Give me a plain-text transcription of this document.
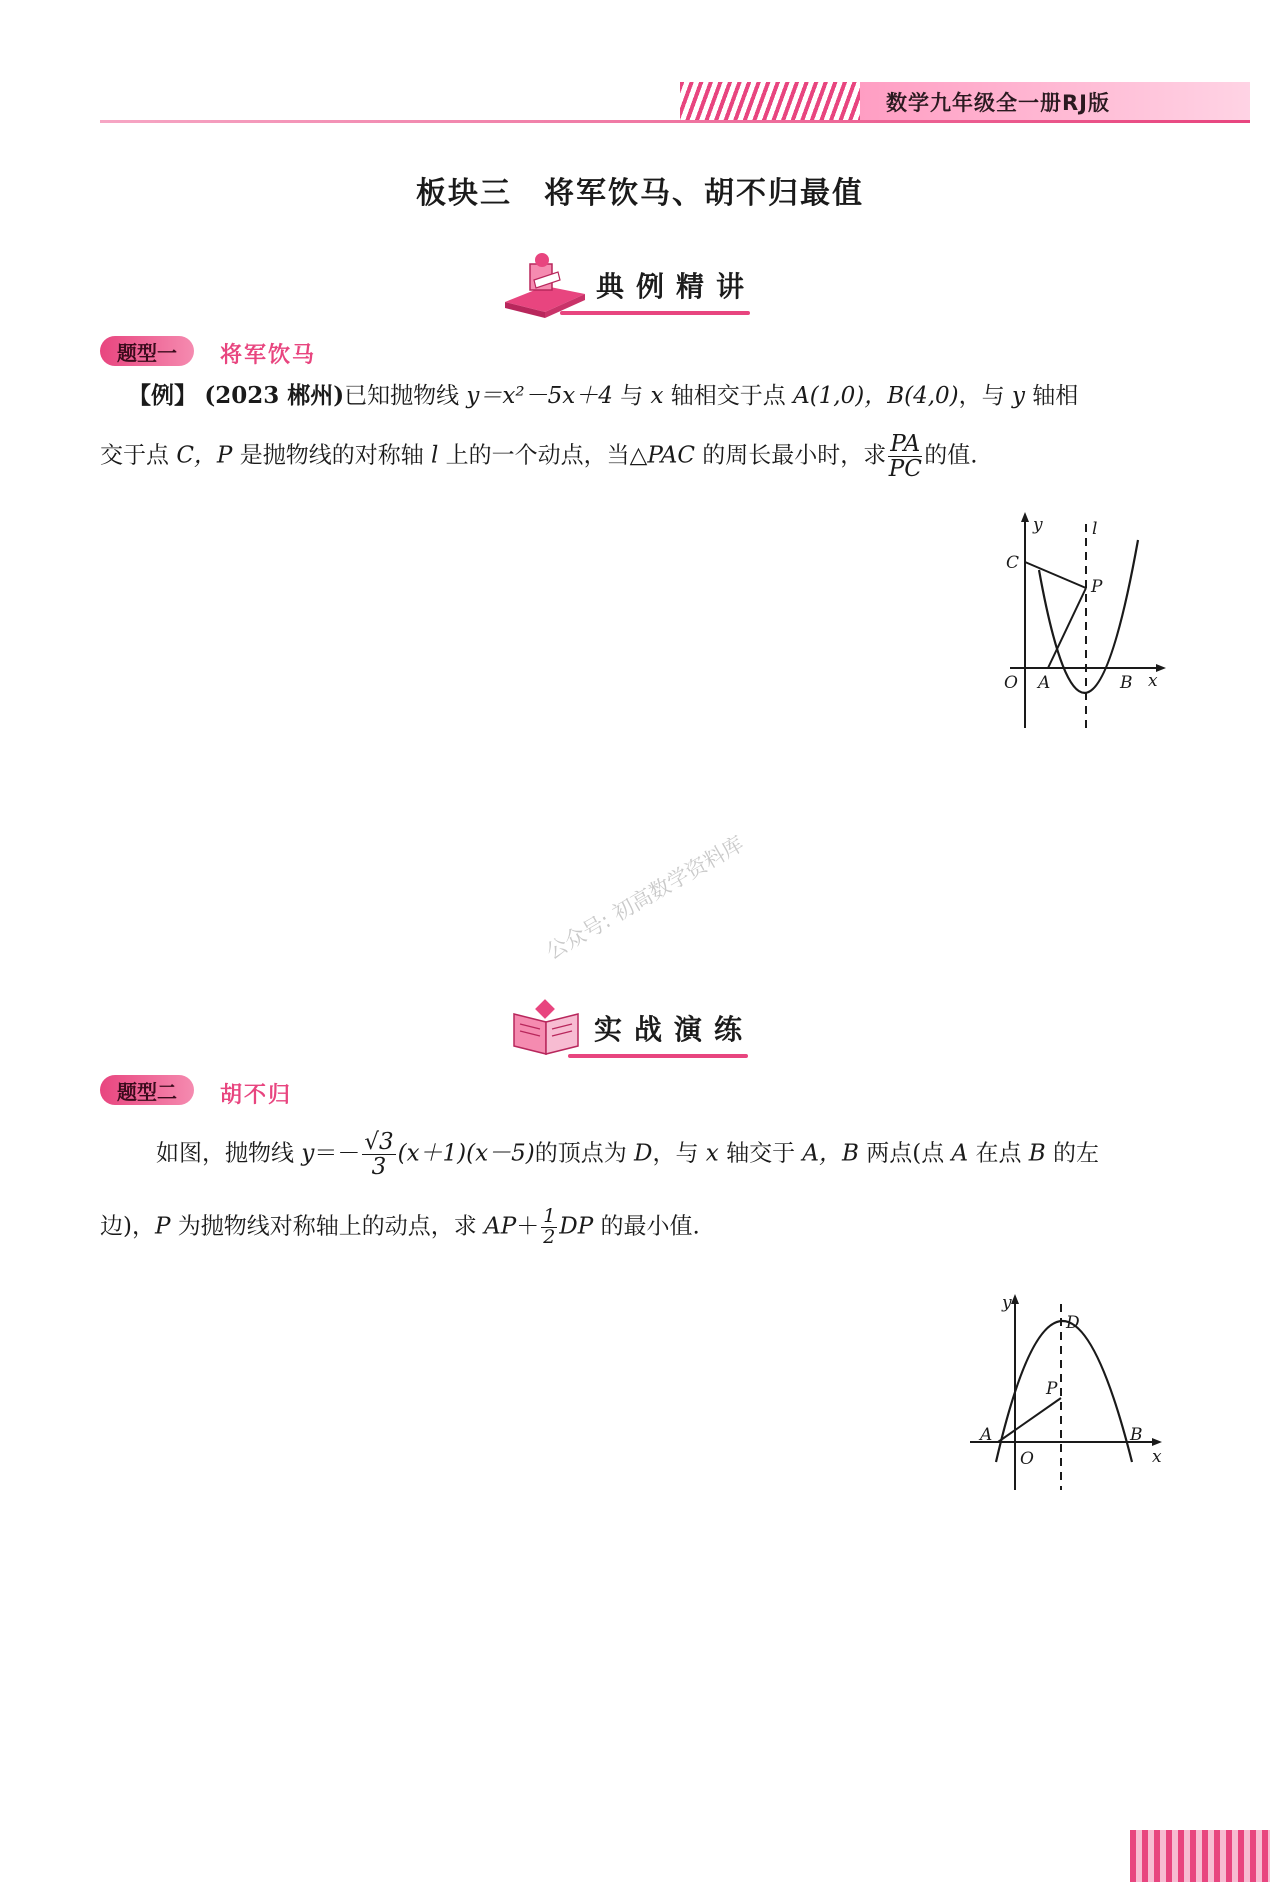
数学九年级全一册RJ版
板块三　将军饮马、胡不归最值
典例精讲
题型一	将军饮马
【例】 (2023 郴州)已知抛物线 y＝x²－5x＋4 与 x 轴相交于点 A(1,0)，B(4,0)，与 y 轴相
交于点 C，P 是抛物线的对称轴 l 上的一个动点，当△PAC 的周长最小时，求 $\frac{PA}{PC}$ 的值.
y	l
C
P
O A	B x
公众号: 初高数学资料库
实战演练
题型二	胡不归
如图，抛物线 $y=- \frac{√3}{3} (x+1)(x-5)$的顶点为 D，与 x 轴交于 A，B 两点(点 A 在点 B 的左
边)，P 为抛物线对称轴上的动点，求 $AP+ \frac{1}{2}$ DP 的最小值.
y
D
P
A
O
B
x
